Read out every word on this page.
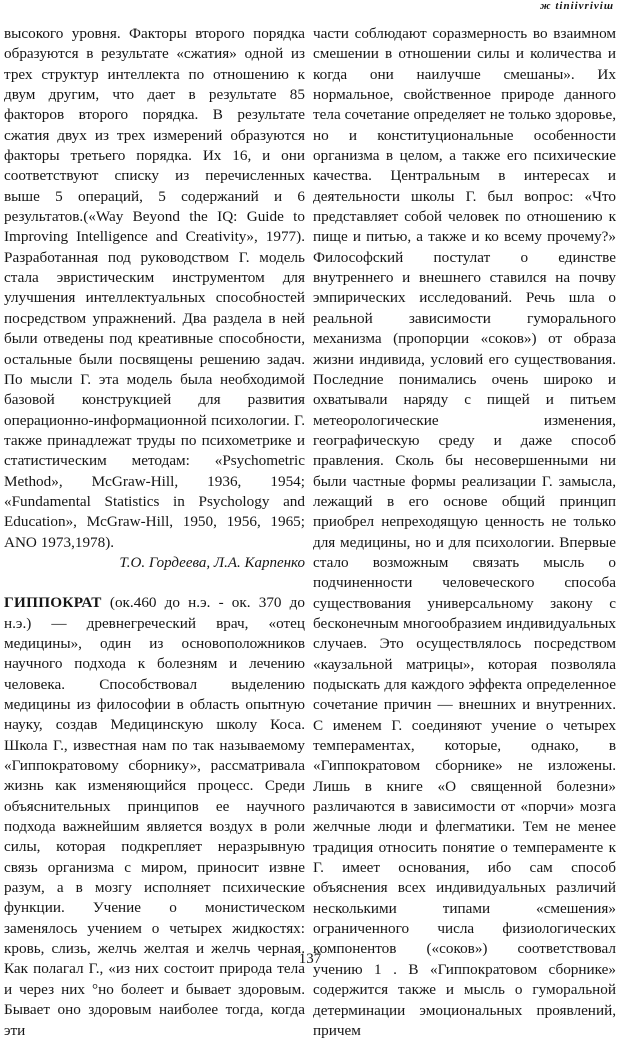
ж tiniivriviш

высокого уровня. Факторы второго порядка образуются в результате «сжатия» одной из трех структур интеллекта по отношению к двум другим, что дает в результате 85 факторов второго порядка. В результате сжатия двух из трех измерений образуются факторы третьего порядка. Их 16, и они соответствуют списку из перечисленных выше 5 операций, 5 содержаний и 6 результатов.(«Way Beyond the IQ: Guide to Improving Intelligence and Creativity», 1977). Разработанная под руководством Г. модель стала эвристическим инструментом для улучшения интеллектуальных способностей посредством упражнений. Два раздела в ней были отведены под креативные способности, остальные были посвящены решению задач. По мысли Г. эта модель была необходимой базовой конструкцией для развития операционно-информационной психологии. Г. также принадлежат труды по психометрике и статистическим методам: «Psychometric Method», McGraw-Hill, 1936, 1954; «Fundamental Statistics in Psychology and Education», McGraw-Hill, 1950, 1956, 1965; ANO 1973,1978).

Т.О. Гордеева, Л.А. Карпенко

ГИППОКРАТ (ок.460 до н.э. - ок. 370 до н.э.) — древнегреческий врач, «отец медицины», один из основоположников научного подхода к болезням и лечению человека. Способствовал выделению медицины из философии в область опытную науку, создав Медицинскую школу Коса. Школа Г., известная нам по так называемому «Гиппократовому сборнику», рассматривала жизнь как изменяющийся процесс. Среди объяснительных принципов ее научного подхода важнейшим является воздух в роли силы, которая подкрепляет неразрывную связь организма с миром, приносит извне разум, а в мозгу исполняет психические функции. Учение о монистическом заменялось учением о четырех жидкостях: кровь, слизь, желчь желтая и желчь черная. Как полагал Г., «из них состоит природа тела и через них °но болеет и бывает здоровым. Бывает оно здоровым наиболее тогда, когда эти

части соблюдают соразмерность во взаимном смешении в отношении силы и количества и когда они наилучше смешаны». Их нормальное, свойственное природе данного тела сочетание определяет не только здоровье, но и конституциональные особенности организма в целом, а также его психические качества. Центральным в интересах и деятельности школы Г. был вопрос: «Что представляет собой человек по отношению к пище и питью, а также и ко всему прочему?» Философский постулат о единстве внутреннего и внешнего ставился на почву эмпирических исследований. Речь шла о реальной зависимости гуморального механизма (пропорции «соков») от образа жизни индивида, условий его существования. Последние понимались очень широко и охватывали наряду с пищей и питьем метеорологические изменения, географическую среду и даже способ правления. Сколь бы несовершенными ни были частные формы реализации Г. замысла, лежащий в его основе общий принцип приобрел непреходящую ценность не только для медицины, но и для психологии. Впервые стало возможным связать мысль о подчиненности человеческого способа существования универсальному закону с бесконечным многообразием индивидуальных случаев. Это осуществлялось посредством «каузальной матрицы», которая позволяла подыскать для каждого эффекта определенное сочетание причин — внешних и внутренних. С именем Г. соединяют учение о четырех темпераментах, которые, однако, в «Гиппократовом сборнике» не изложены. Лишь в книге «О священной болезни» различаются в зависимости от «порчи» мозга желчные люди и флегматики. Тем не менее традиция относить понятие о темпераменте к Г. имеет основания, ибо сам способ объяснения всех индивидуальных различий несколькими типами «смешения» ограниченного числа физиологических компонентов («соков») соответствовал учению 1 . В «Гиппократовом сборнике» содержится также и мысль о гуморальной детерминации эмоциональных проявлений, причем

137
